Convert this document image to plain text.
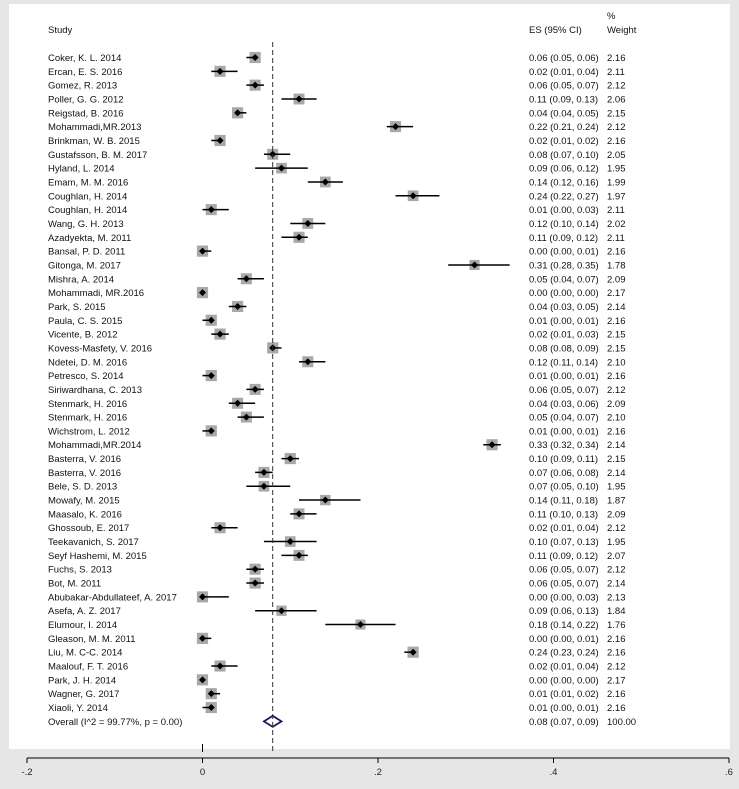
Study	ES (95% CI)
%
Weight
Coker, K. L. 2014	0.06 (0.05, 0.06) 2.16
Ercan, E. S. 2016	0.02 (0.01, 0.04) 2.11
Gomez, R. 2013	0.06 (0.05, 0.07) 2.12
Poller, G. G. 2012	0.11 (0.09, 0.13) 2.06
Reigstad, B. 2016	0.04 (0.04, 0.05) 2.15
Mohammadi,MR.2013	0.22 (0.21, 0.24) 2.12
Brinkman, W. B. 2015	0.02 (0.01, 0.02) 2.16
Gustafsson, B. M. 2017	0.08 (0.07, 0.10) 2.05
Hyland, L. 2014	0.09 (0.06, 0.12) 1.95
Emam, M. M. 2016	0.14 (0.12, 0.16) 1.99
Coughlan, H. 2014	0.24 (0.22, 0.27) 1.97
Coughlan, H. 2014	0.01 (0.00, 0.03) 2.11
Wang, G. H. 2013	0.12 (0.10, 0.14) 2.02
Azadyekta, M. 2011	0.11 (0.09, 0.12) 2.11
Bansal, P. D. 2011	0.00 (0.00, 0.01) 2.16
Gitonga, M. 2017	0.31 (0.28, 0.35) 1.78
Mishra, A. 2014	0.05 (0.04, 0.07) 2.09
Mohammadi, MR.2016	0.00 (0.00, 0.00) 2.17
Park, S. 2015	0.04 (0.03, 0.05) 2.14
Paula, C. S. 2015	0.01 (0.00, 0.01) 2.16
Vicente, B. 2012	0.02 (0.01, 0.03) 2.15
Kovess-Masfety, V. 2016	0.08 (0.08, 0.09) 2.15
Ndetei, D. M. 2016	0.12 (0.11, 0.14) 2.10
Petresco, S. 2014	0.01 (0.00, 0.01) 2.16
Siriwardhana, C. 2013	0.06 (0.05, 0.07) 2.12
Stenmark, H. 2016	0.04 (0.03, 0.06) 2.09
Stenmark, H. 2016	0.05 (0.04, 0.07) 2.10
Wichstrom, L. 2012	0.01 (0.00, 0.01) 2.16
Mohammadi,MR.2014	0.33 (0.32, 0.34) 2.14
Basterra, V. 2016	0.10 (0.09, 0.11) 2.15
Basterra, V. 2016	0.07 (0.06, 0.08) 2.14
Bele, S. D. 2013	0.07 (0.05, 0.10) 1.95
Mowafy, M. 2015	0.14 (0.11, 0.18) 1.87
Maasalo, K. 2016	0.11 (0.10, 0.13) 2.09
Ghossoub, E. 2017	0.02 (0.01, 0.04) 2.12
Teekavanich, S. 2017	0.10 (0.07, 0.13) 1.95
Seyf Hashemi, M. 2015	0.11 (0.09, 0.12) 2.07
Fuchs, S. 2013	0.06 (0.05, 0.07) 2.12
Bot, M. 2011	0.06 (0.05, 0.07) 2.14
Abubakar-Abdullateef, A. 2017	0.00 (0.00, 0.03) 2.13
Asefa, A. Z. 2017	0.09 (0.06, 0.13) 1.84
Elumour, I. 2014	0.18 (0.14, 0.22) 1.76
Gleason, M. M. 2011	0.00 (0.00, 0.01) 2.16
Liu, M. C-C. 2014	0.24 (0.23, 0.24) 2.16
Maalouf, F. T. 2016	0.02 (0.01, 0.04) 2.12
Park, J. H. 2014	0.00 (0.00, 0.00) 2.17
Wagner, G. 2017	0.01 (0.01, 0.02) 2.16
Xiaoli, Y. 2014	0.01 (0.00, 0.01) 2.16
Overall (I^2 = 99.77%, p = 0.00)	0.08 (0.07, 0.09) 100.00
-.2	0	.2	.4	.6
